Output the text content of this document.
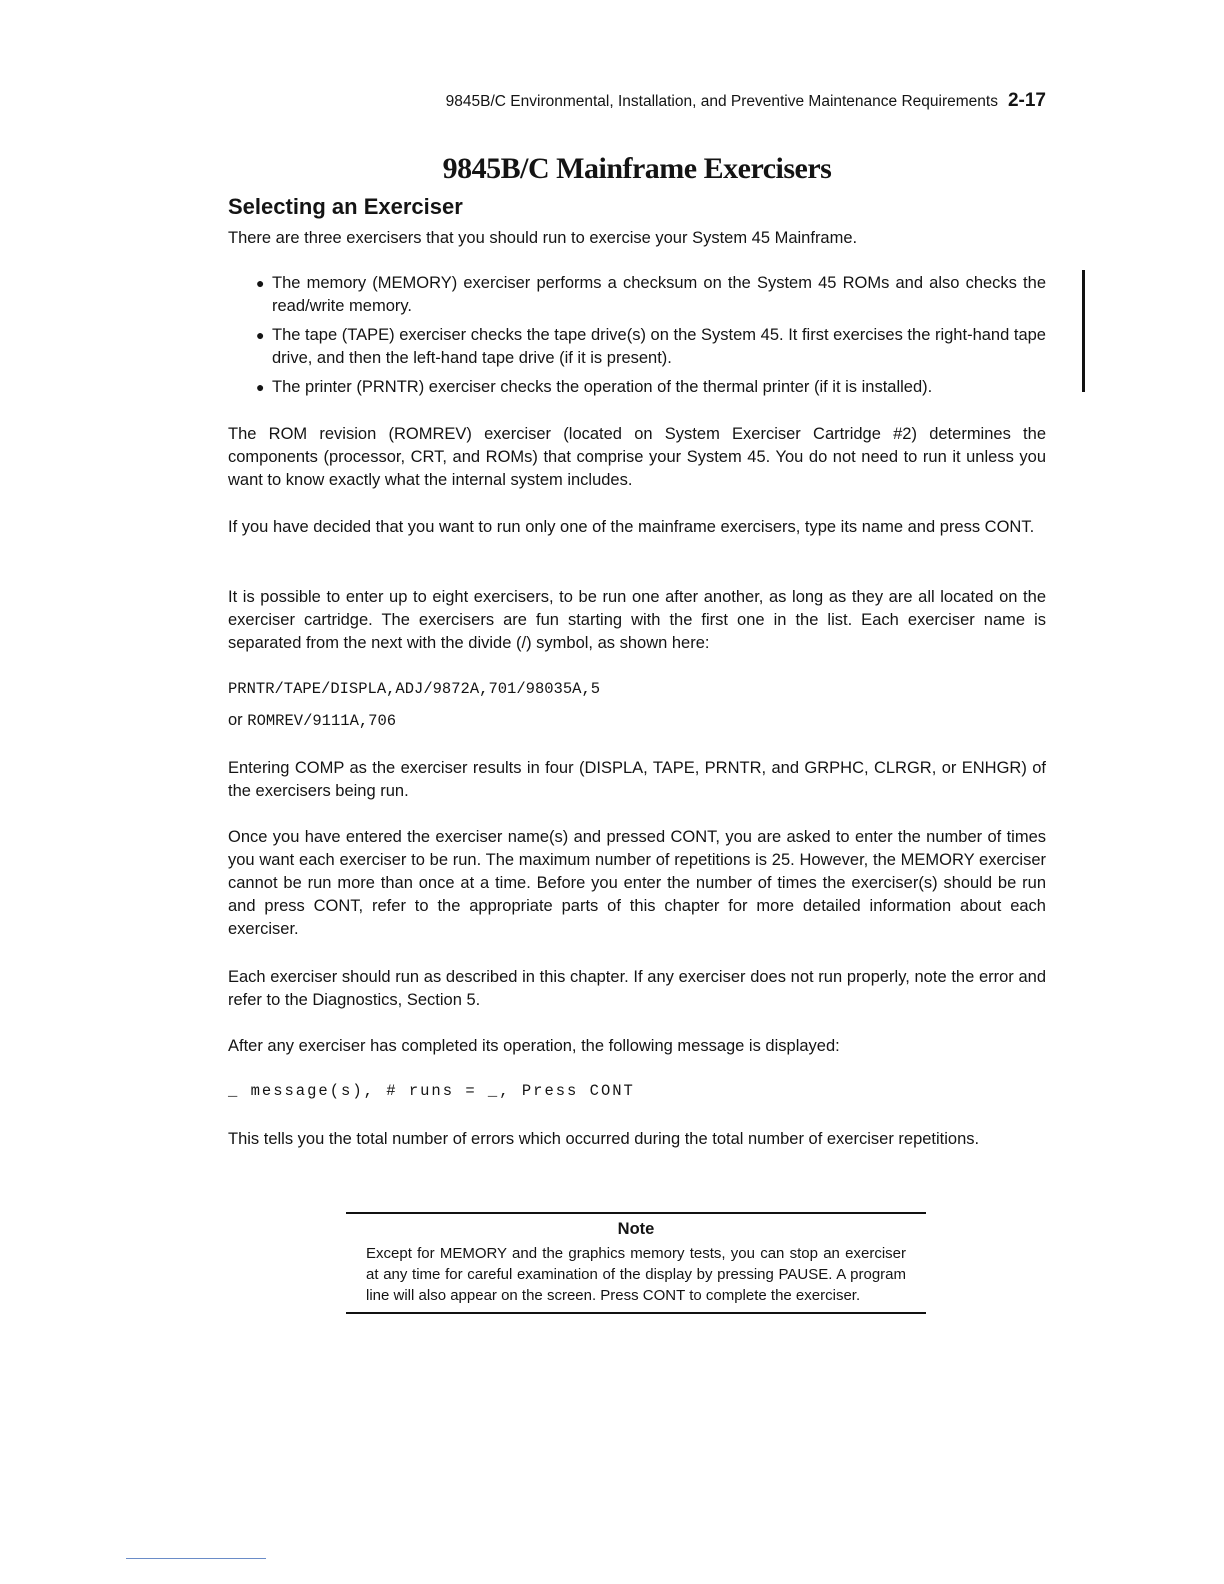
9845B/C Environmental, Installation, and Preventive Maintenance Requirements 2-17
9845B/C Mainframe Exercisers
Selecting an Exerciser
There are three exercisers that you should run to exercise your System 45 Mainframe.
● The memory (MEMORY) exerciser performs a checksum on the System 45 ROMs and also checks the read/write memory.
● The tape (TAPE) exerciser checks the tape drive(s) on the System 45. It first exercises the right-hand tape drive, and then the left-hand tape drive (if it is present).
● The printer (PRNTR) exerciser checks the operation of the thermal printer (if it is installed).
The ROM revision (ROMREV) exerciser (located on System Exerciser Cartridge #2) determines the components (processor, CRT, and ROMs) that comprise your System 45. You do not need to run it unless you want to know exactly what the internal system includes.
If you have decided that you want to run only one of the mainframe exercisers, type its name and press CONT.
It is possible to enter up to eight exercisers, to be run one after another, as long as they are all located on the exerciser cartridge. The exercisers are fun starting with the first one in the list. Each exerciser name is separated from the next with the divide (/) symbol, as shown here:
PRNTR/TAPE/DISPLA,ADJ/9872A,701/98035A,5
or ROMREV/9111A,706
Entering COMP as the exerciser results in four (DISPLA, TAPE, PRNTR, and GRPHC, CLRGR, or ENHGR) of the exercisers being run.
Once you have entered the exerciser name(s) and pressed CONT, you are asked to enter the number of times you want each exerciser to be run. The maximum number of repetitions is 25. However, the MEMORY exerciser cannot be run more than once at a time. Before you enter the number of times the exerciser(s) should be run and press CONT, refer to the appropriate parts of this chapter for more detailed information about each exerciser.
Each exerciser should run as described in this chapter. If any exerciser does not run properly, note the error and refer to the Diagnostics, Section 5.
After any exerciser has completed its operation, the following message is displayed:
_ message(s), # runs = _, Press CONT
This tells you the total number of errors which occurred during the total number of exerciser repetitions.
Note
Except for MEMORY and the graphics memory tests, you can stop an exerciser at any time for careful examination of the display by pressing PAUSE. A program line will also appear on the screen. Press CONT to complete the exerciser.
